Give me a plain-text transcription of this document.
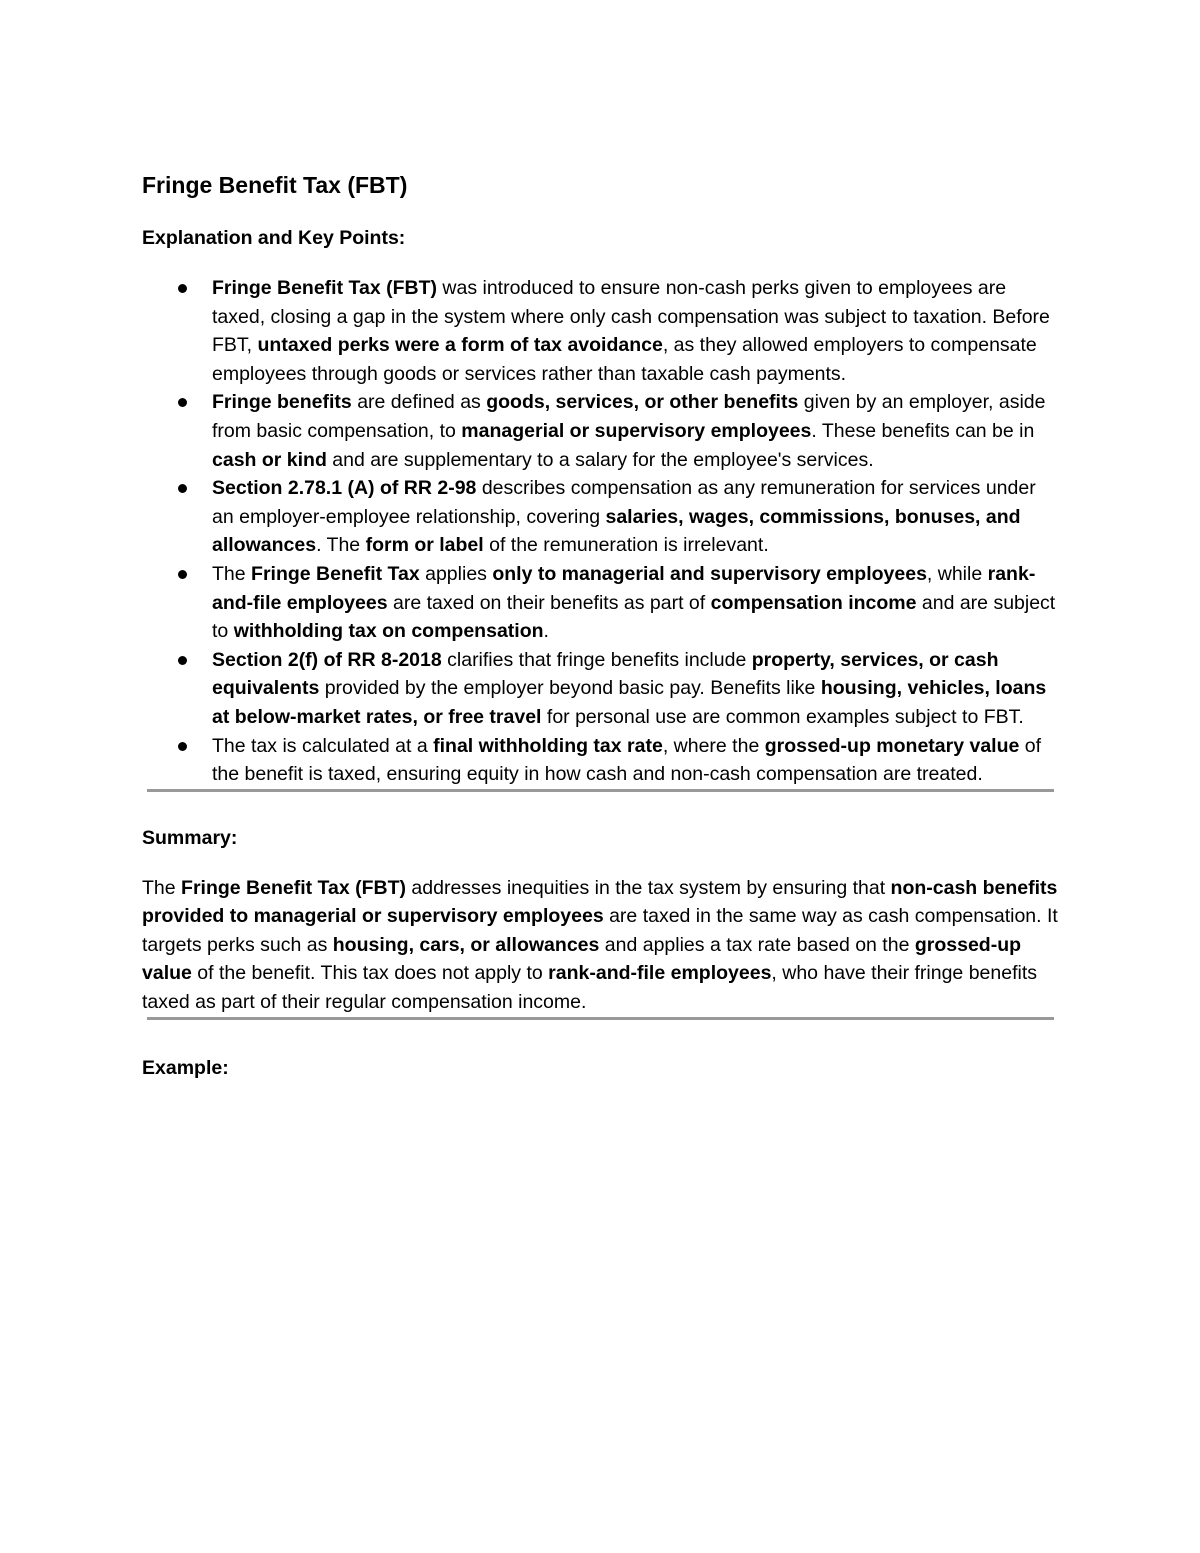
Fringe Benefit Tax (FBT)

Explanation and Key Points:

Fringe Benefit Tax (FBT) was introduced to ensure non-cash perks given to employees are taxed, closing a gap in the system where only cash compensation was subject to taxation. Before FBT, untaxed perks were a form of tax avoidance, as they allowed employers to compensate employees through goods or services rather than taxable cash payments.
Fringe benefits are defined as goods, services, or other benefits given by an employer, aside from basic compensation, to managerial or supervisory employees. These benefits can be in cash or kind and are supplementary to a salary for the employee's services.
Section 2.78.1 (A) of RR 2-98 describes compensation as any remuneration for services under an employer-employee relationship, covering salaries, wages, commissions, bonuses, and allowances. The form or label of the remuneration is irrelevant.
The Fringe Benefit Tax applies only to managerial and supervisory employees, while rank-and-file employees are taxed on their benefits as part of compensation income and are subject to withholding tax on compensation.
Section 2(f) of RR 8-2018 clarifies that fringe benefits include property, services, or cash equivalents provided by the employer beyond basic pay. Benefits like housing, vehicles, loans at below-market rates, or free travel for personal use are common examples subject to FBT.
The tax is calculated at a final withholding tax rate, where the grossed-up monetary value of the benefit is taxed, ensuring equity in how cash and non-cash compensation are treated.

Summary:

The Fringe Benefit Tax (FBT) addresses inequities in the tax system by ensuring that non-cash benefits provided to managerial or supervisory employees are taxed in the same way as cash compensation. It targets perks such as housing, cars, or allowances and applies a tax rate based on the grossed-up value of the benefit. This tax does not apply to rank-and-file employees, who have their fringe benefits taxed as part of their regular compensation income.

Example:
